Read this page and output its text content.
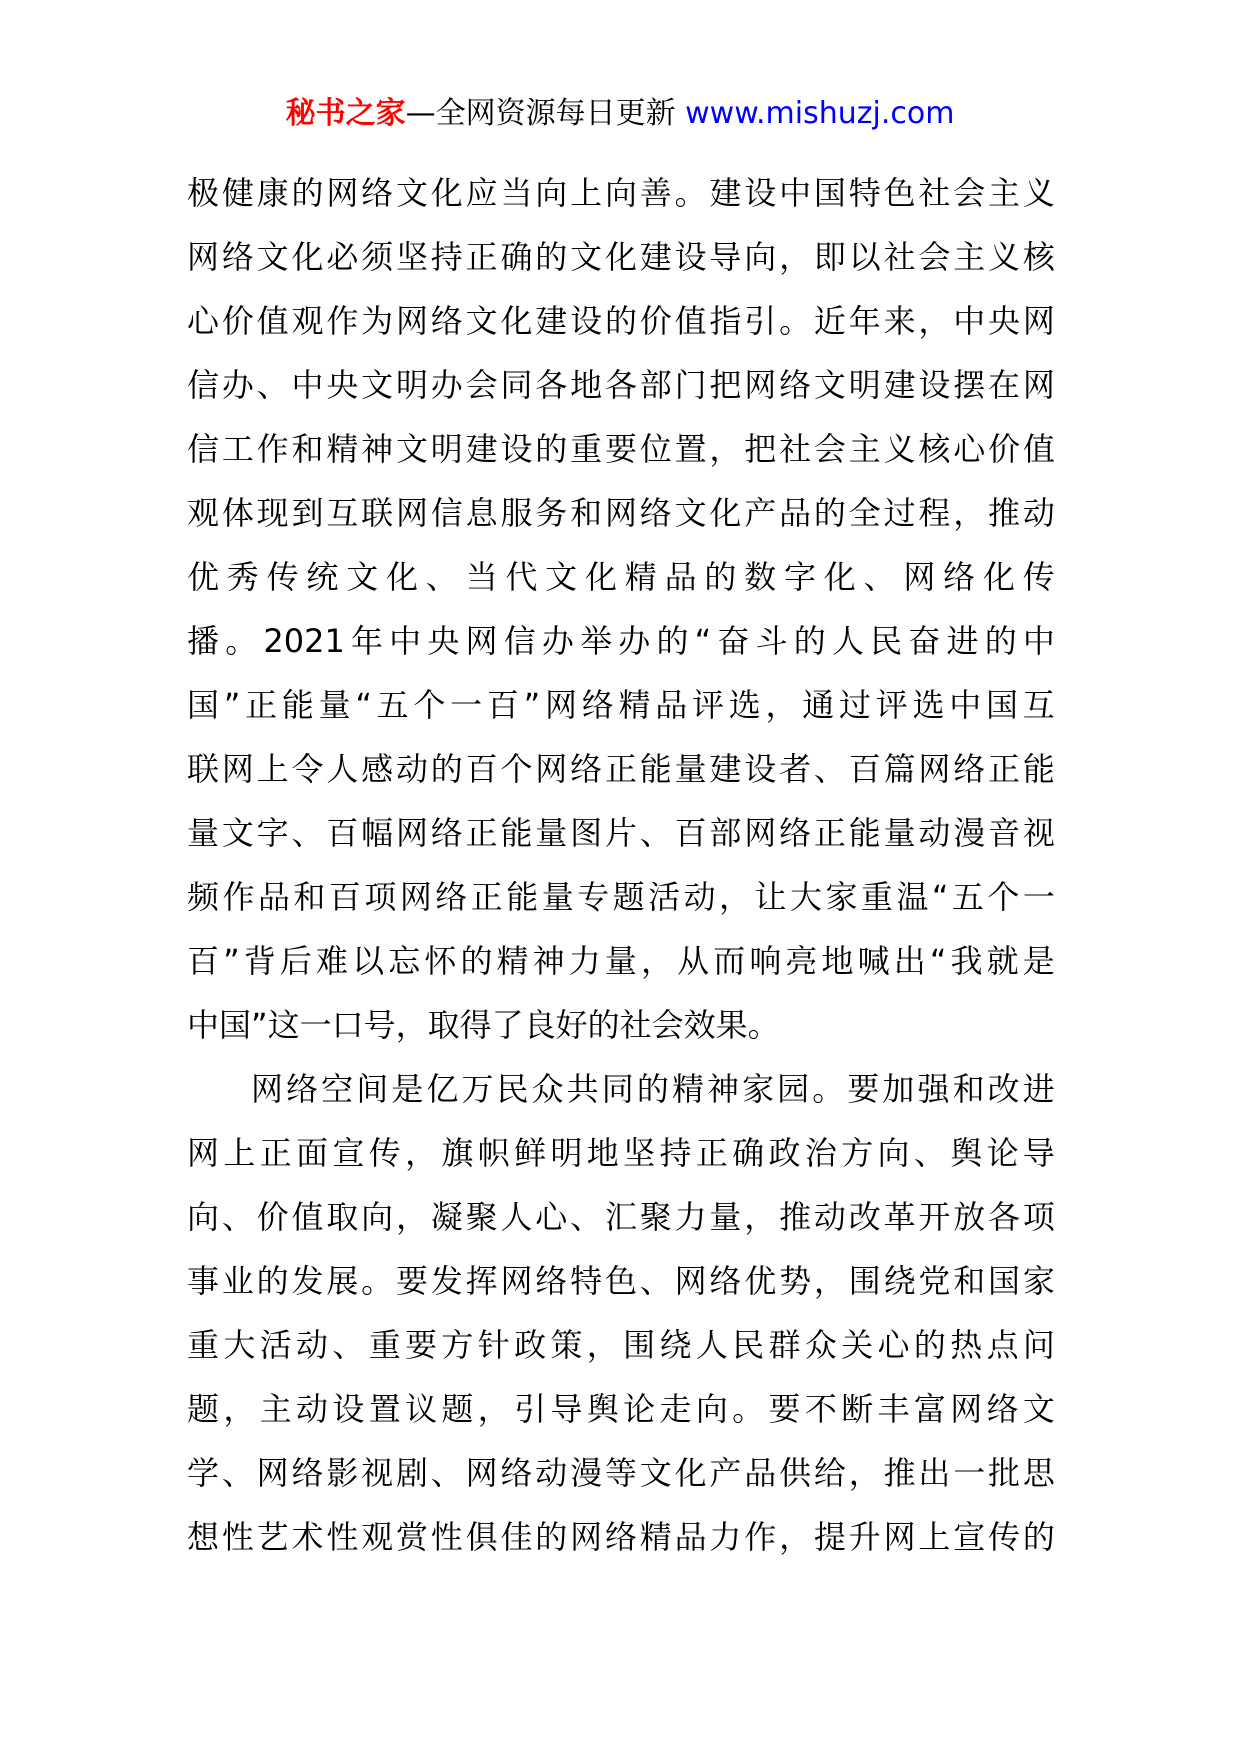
秘书之家—全网资源每日更新 www.mishuzj.com
极 健 康 的 网 络 文 化 应 当 向 上 向 善 。 建 设 中 国 特 色 社 会 主 义
网 络 文 化 必 须 坚 持 正 确 的 文 化 建 设 导 向 ， 即 以 社 会 主 义 核
心 价 值 观 作 为 网 络 文 化 建 设 的 价 值 指 引 。 近 年 来 ， 中 央 网
信 办 、 中 央 文 明 办 会 同 各 地 各 部 门 把 网 络 文 明 建 设 摆 在 网
信 工 作 和 精 神 文 明 建 设 的 重 要 位 置 ， 把 社 会 主 义 核 心 价 值
观 体 现 到 互 联 网 信 息 服 务 和 网 络 文 化 产 品 的 全 过 程 ， 推 动
优 秀 传 统 文 化 、 当 代 文 化 精 品 的 数 字 化 、 网 络 化 传
播 。 2021 年 中 央 网 信 办 举 办 的 “ 奋 斗 的 人 民 奋 进 的 中
国 ” 正 能 量 “ 五 个 一 百 ” 网 络 精 品 评 选 ， 通 过 评 选 中 国 互
联 网 上 令 人 感 动 的 百 个 网 络 正 能 量 建 设 者 、 百 篇 网 络 正 能
量 文 字 、 百 幅 网 络 正 能 量 图 片 、 百 部 网 络 正 能 量 动 漫 音 视
频 作 品 和 百 项 网 络 正 能 量 专 题 活 动 ， 让 大 家 重 温 “ 五 个 一
百 ” 背 后 难 以 忘 怀 的 精 神 力 量 ， 从 而 响 亮 地 喊 出 “ 我 就 是
中国”这一口号，取得了良好的社会效果。
网 络 空 间 是 亿 万 民 众 共 同 的 精 神 家 园 。 要 加 强 和 改 进
网 上 正 面 宣 传 ， 旗 帜 鲜 明 地 坚 持 正 确 政 治 方 向 、 舆 论 导
向 、 价 值 取 向 ， 凝 聚 人 心 、 汇 聚 力 量 ， 推 动 改 革 开 放 各 项
事 业 的 发 展 。 要 发 挥 网 络 特 色 、 网 络 优 势 ， 围 绕 党 和 国 家
重 大 活 动 、 重 要 方 针 政 策 ， 围 绕 人 民 群 众 关 心 的 热 点 问
题 ， 主 动 设 置 议 题 ， 引 导 舆 论 走 向 。 要 不 断 丰 富 网 络 文
学 、 网 络 影 视 剧 、 网 络 动 漫 等 文 化 产 品 供 给 ， 推 出 一 批 思
想 性 艺 术 性 观 赏 性 俱 佳 的 网 络 精 品 力 作 ， 提 升 网 上 宣 传 的
